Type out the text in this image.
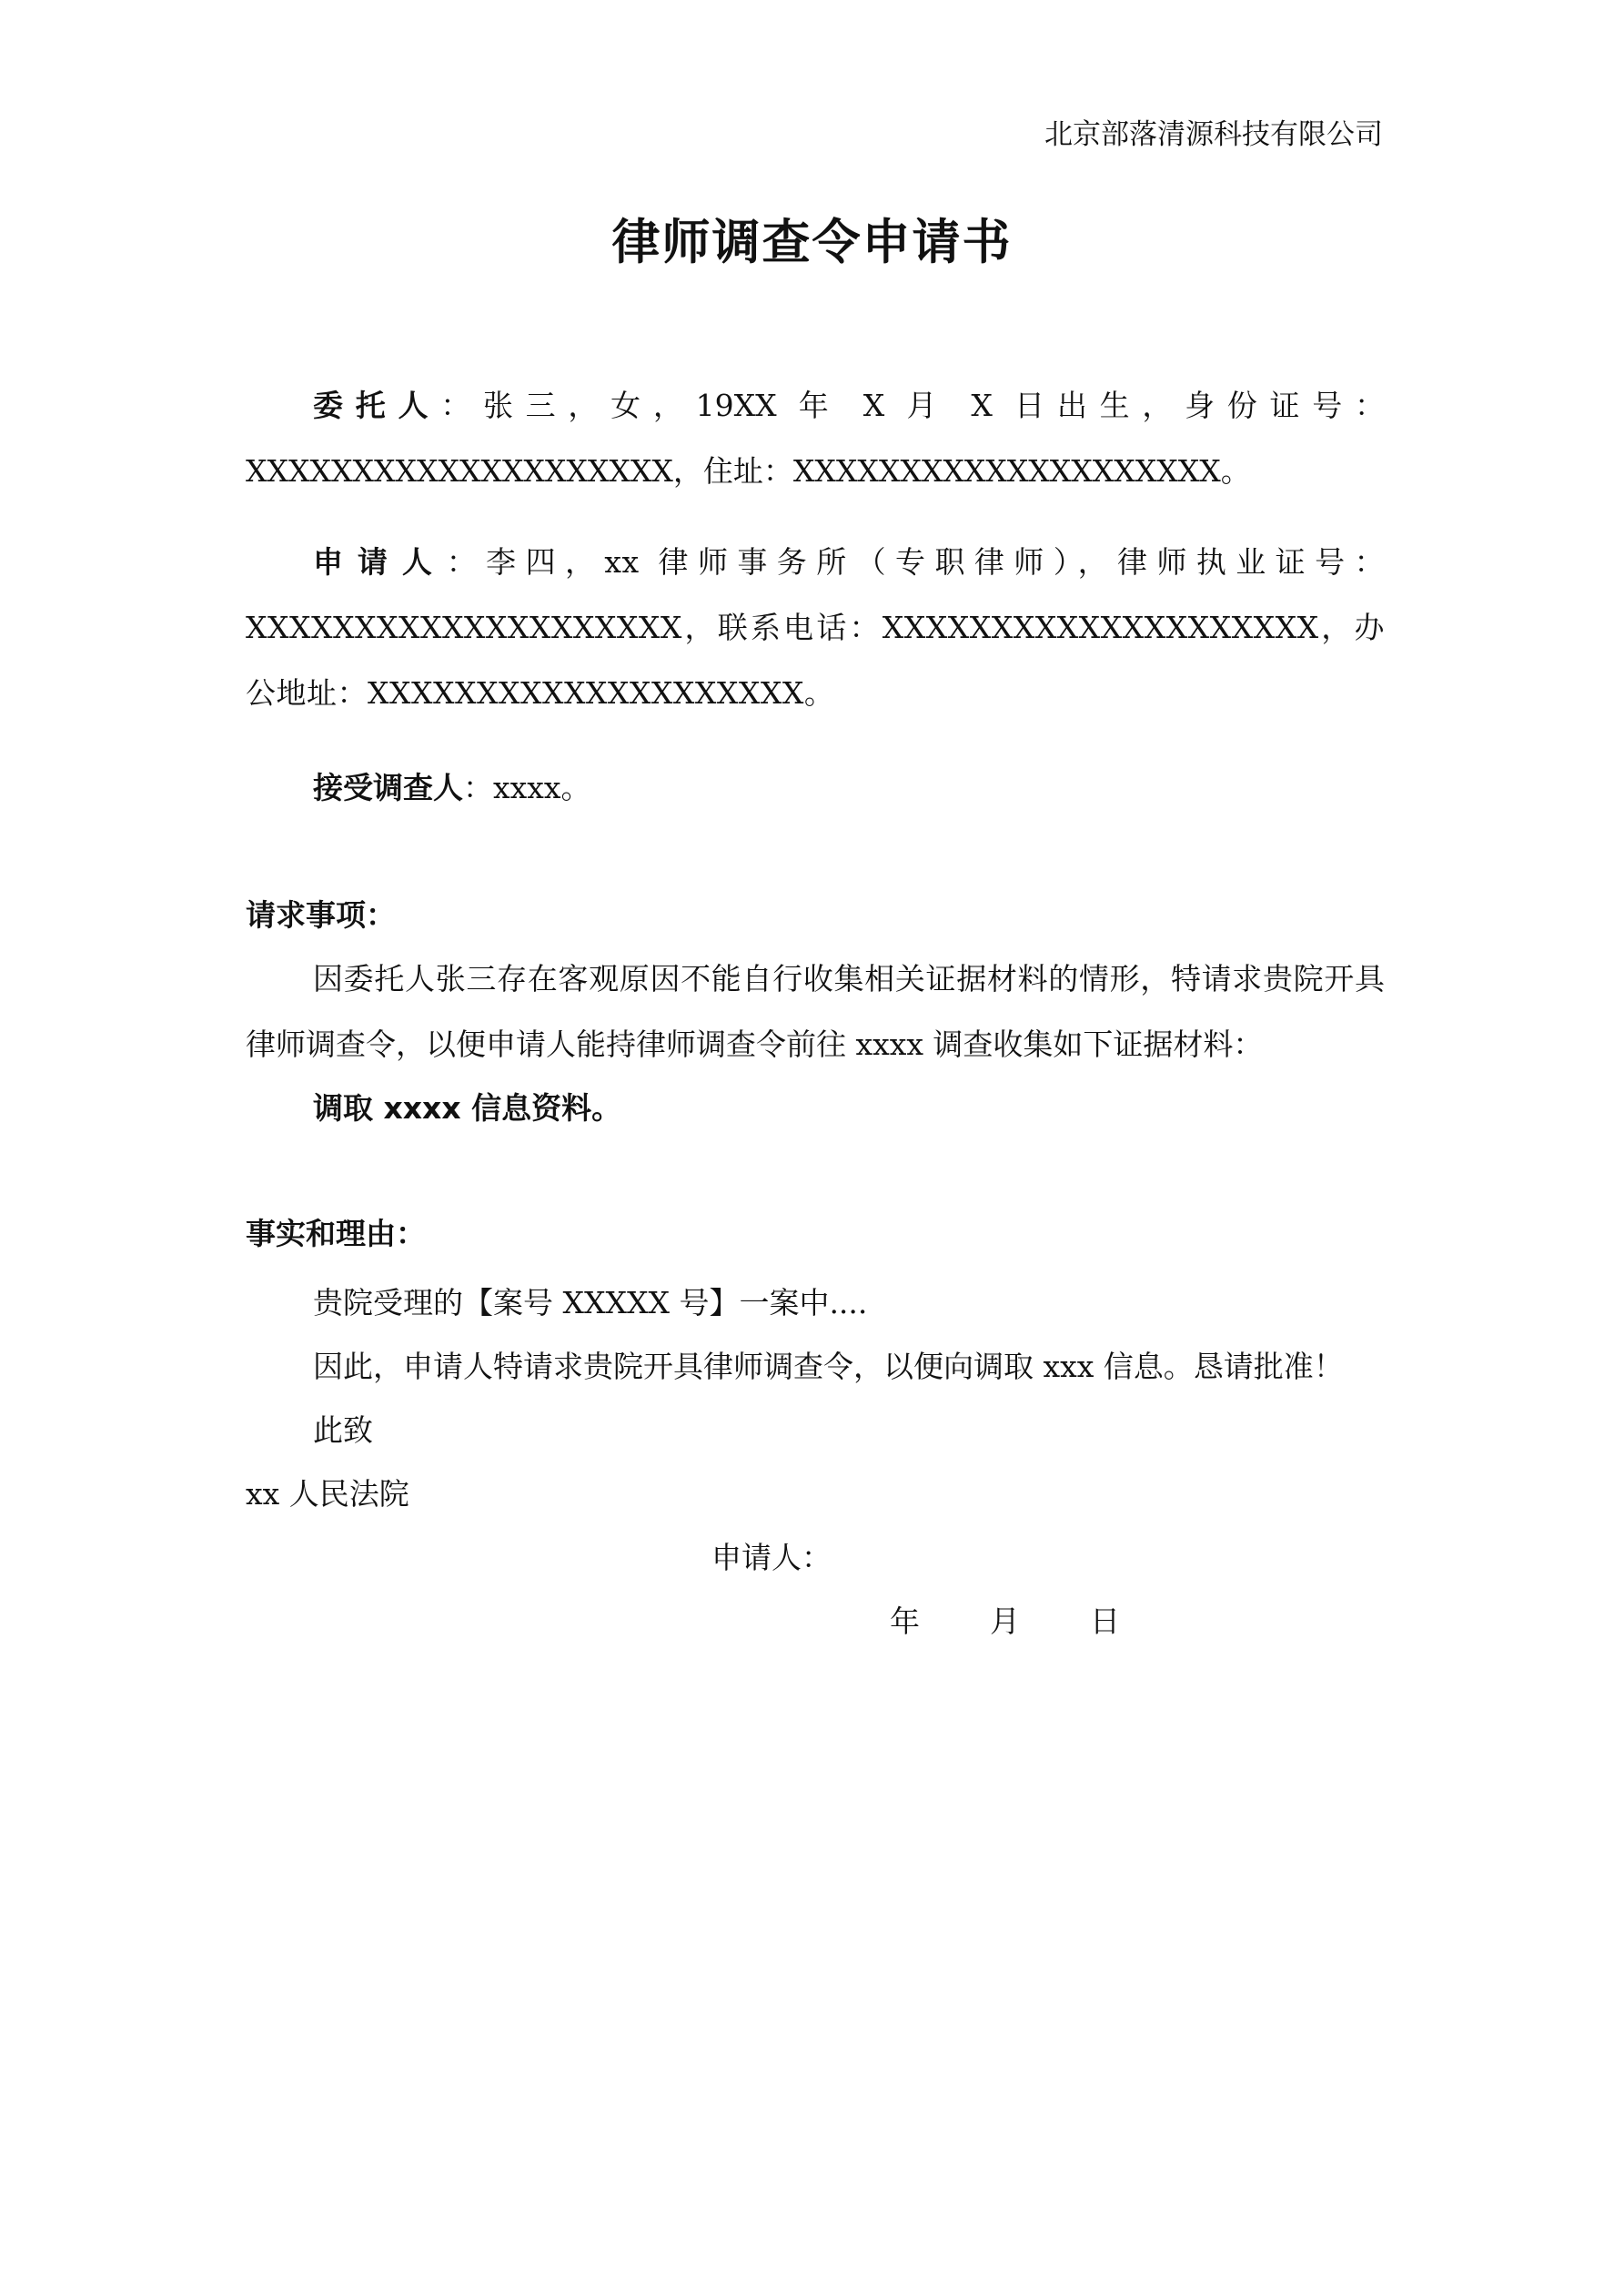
北京部落清源科技有限公司
律师调查令申请书

委托人：张三，女，19XX 年 X 月 X 日出生，身份证号：XXXXXXXXXXXXXXXXXXXX，住址：XXXXXXXXXXXXXXXXXXXX。

申请人：李四，xx 律师事务所（专职律师），律师执业证号：XXXXXXXXXXXXXXXXXXXX，联系电话：XXXXXXXXXXXXXXXXXXXX，办公地址：XXXXXXXXXXXXXXXXXXXX。

接受调查人：xxxx。

请求事项：

因委托人张三存在客观原因不能自行收集相关证据材料的情形，特请求贵院开具律师调查令，以便申请人能持律师调查令前往 xxxx 调查收集如下证据材料：

调取 xxxx 信息资料。
事实和理由：
贵院受理的【案号 XXXXX 号】一案中....
因此，申请人特请求贵院开具律师调查令，以便向调取 xxx 信息。恳请批准！
此致
xx 人民法院
申请人：
年 月 日
